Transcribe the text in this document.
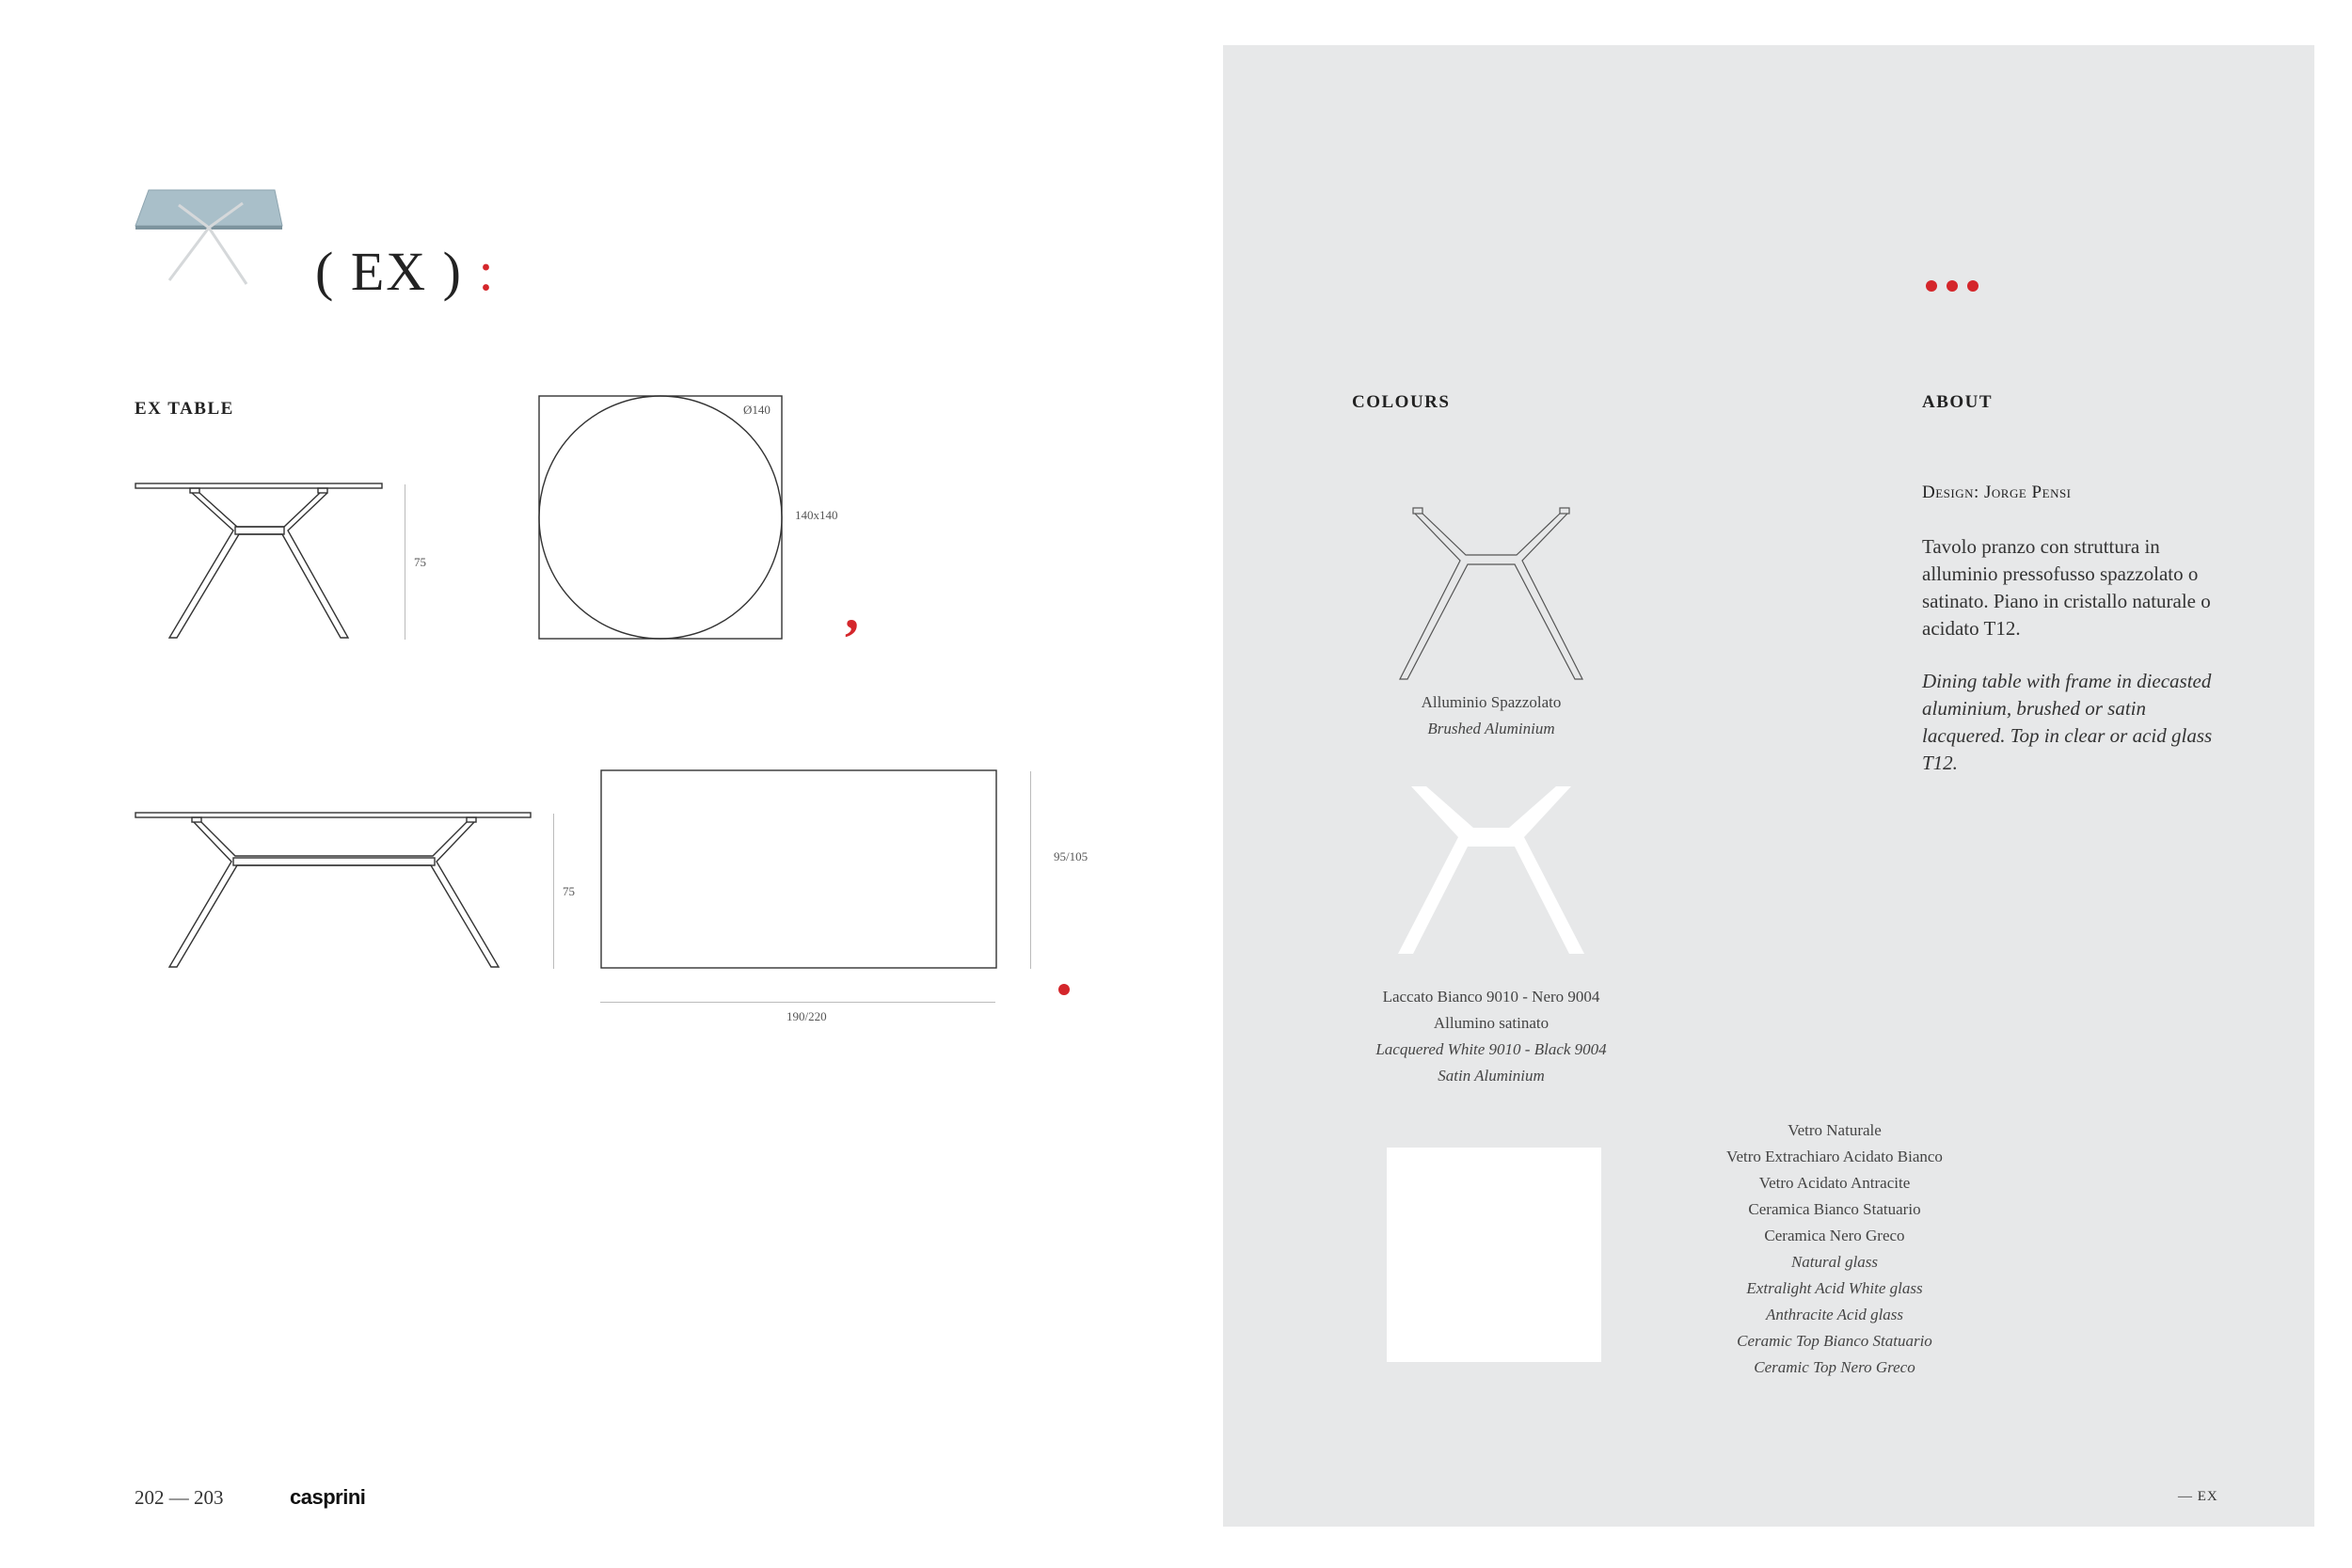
( EX ) :
EX TABLE
75
Ø140
140x140
,
75
95/105
190/220
202 — 203	casprini
COLOURS	ABOUT
Alluminio Spazzolato
Brushed Aluminium
Laccato Bianco 9010 - Nero 9004
Allumino satinato
Lacquered White 9010 - Black 9004
Satin Aluminium
Vetro Naturale
Vetro Extrachiaro Acidato Bianco
Vetro Acidato Antracite
Ceramica Bianco Statuario
Ceramica Nero Greco
Natural glass
Extralight Acid White glass
Anthracite Acid glass
Ceramic Top Bianco Statuario
Ceramic Top Nero Greco
Design: Jorge Pensi
Tavolo pranzo con struttura in alluminio pressofusso spazzolato o satinato. Piano in cristallo naturale o acidato T12.
Dining table with frame in diecasted aluminium, brushed or satin lacquered. Top in clear or acid glass T12.
— EX
